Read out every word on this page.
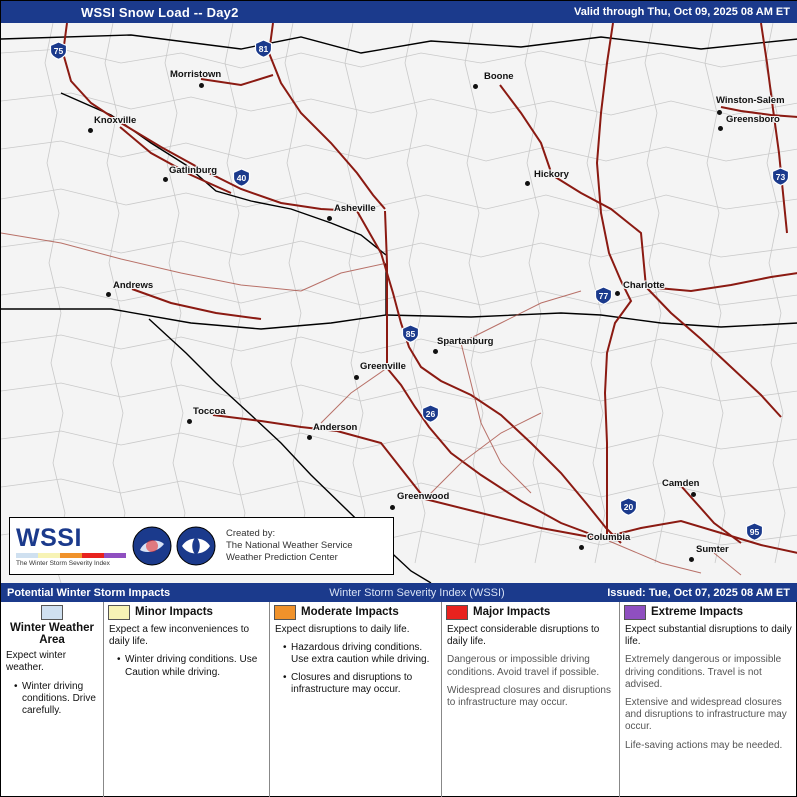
WSSI Snow Load -- Day2	Valid through Thu, Oct 09, 2025 08 AM ET
Morristown	Boone
Winston-Salem
Knoxville	Greensboro
Gatlinburg	Hickory
Asheville
Andrews	Charlotte
Spartanburg
Greenville
Toccoa
Anderson
Greenwood
Camden
Columbia
Sumter
75	81
73
40
77
85
26
20
95
WSSI
The Winter Storm Severity Index
Created by:
The National Weather Service
Weather Prediction Center
Potential Winter Storm Impacts	Winter Storm Severity Index (WSSI)	Issued: Tue, Oct 07, 2025 08 AM ET
Winter Weather Area

Expect winter weather.

• Winter driving conditions. Drive carefully.
Minor Impacts

Expect a few inconveniences to daily life.

• Winter driving conditions. Use Caution while driving.
Moderate Impacts

Expect disruptions to daily life.

• Hazardous driving conditions. Use extra caution while driving.
• Closures and disruptions to infrastructure may occur.
Major Impacts

Expect considerable disruptions to daily life.

Dangerous or impossible driving conditions. Avoid travel if possible.

Widespread closures and disruptions to infrastructure may occur.

Extreme Impacts

Expect substantial disruptions to daily life.

Extremely dangerous or impossible driving conditions. Travel is not advised.

Extensive and widespread closures and disruptions to infrastructure may occur.

Life-saving actions may be needed.
